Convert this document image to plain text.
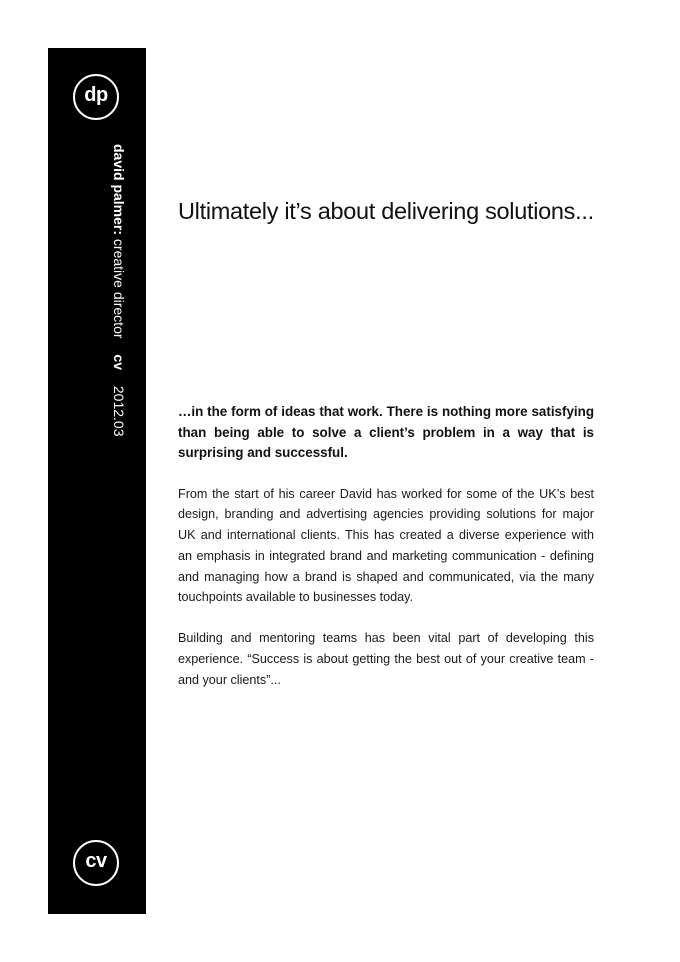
dp
david palmer: creative director cv 2012.03
cv
Ultimately it’s about delivering solutions...

…in the form of ideas that work. There is nothing more satisfying than being able to solve a client’s problem in a way that is surprising and successful.

From the start of his career David has worked for some of the UK’s best design, branding and advertising agencies providing solutions for major UK and international clients. This has created a diverse experience with an emphasis in integrated brand and marketing communication - defining and managing how a brand is shaped and communicated, via the many touchpoints available to businesses today.

Building and mentoring teams has been vital part of developing this experience. “Success is about getting the best out of your creative team - and your clients”...
